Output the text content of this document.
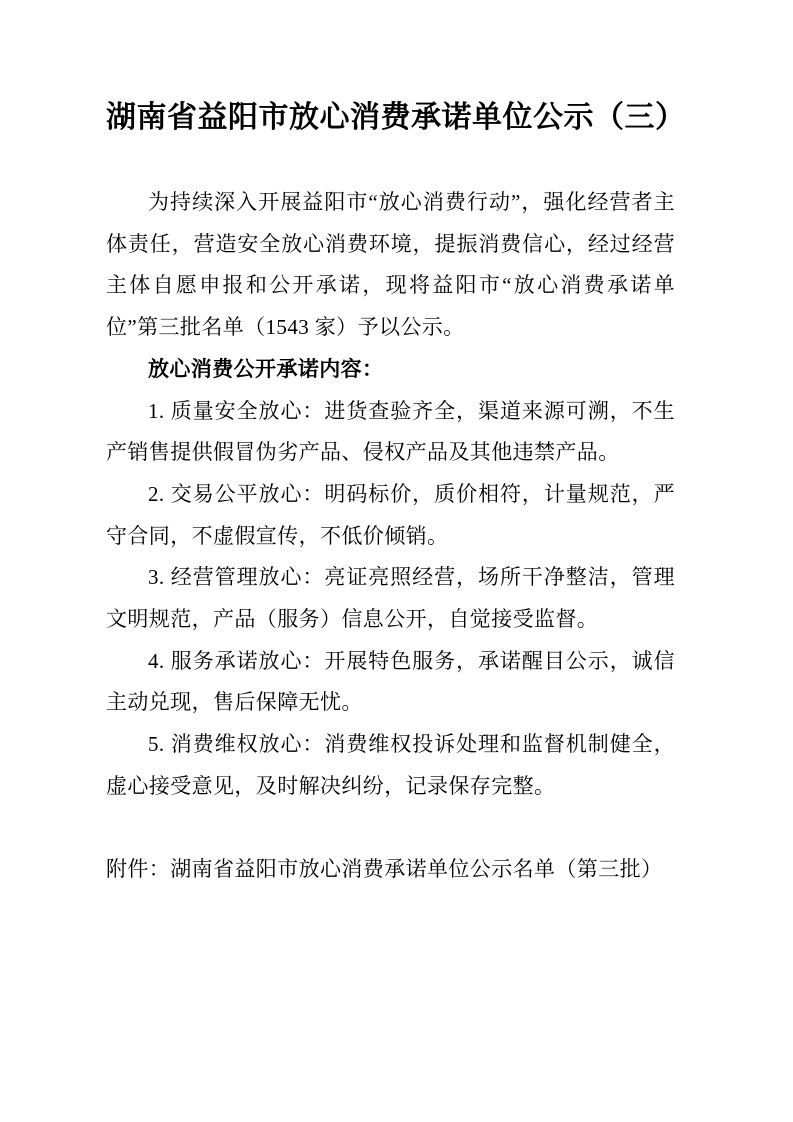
湖南省益阳市放心消费承诺单位公示（三）

为持续深入开展益阳市“放心消费行动”，强化经营者主体责任，营造安全放心消费环境，提振消费信心，经过经营主体自愿申报和公开承诺，现将益阳市“放心消费承诺单位”第三批名单（1543 家）予以公示。

放心消费公开承诺内容：

1. 质量安全放心：进货查验齐全，渠道来源可溯，不生产销售提供假冒伪劣产品、侵权产品及其他违禁产品。

2. 交易公平放心：明码标价，质价相符，计量规范，严守合同，不虚假宣传，不低价倾销。

3. 经营管理放心：亮证亮照经营，场所干净整洁，管理文明规范，产品（服务）信息公开，自觉接受监督。

4. 服务承诺放心：开展特色服务，承诺醒目公示，诚信主动兑现，售后保障无忧。

5. 消费维权放心：消费维权投诉处理和监督机制健全，虚心接受意见，及时解决纠纷，记录保存完整。

附件：湖南省益阳市放心消费承诺单位公示名单（第三批）
